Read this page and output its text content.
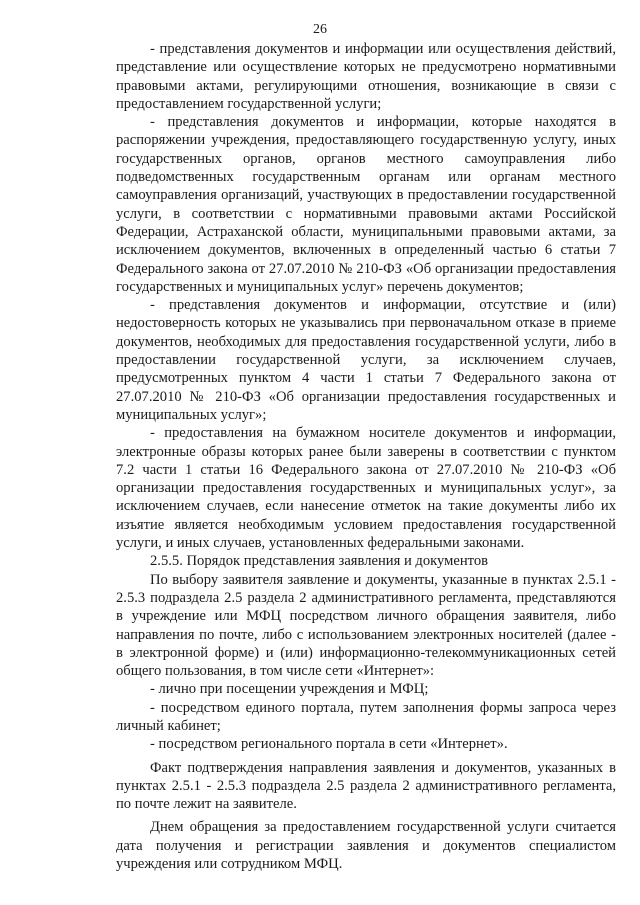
26

- представления документов и информации или осуществления действий, представление или осуществление которых не предусмотрено нормативными правовыми актами, регулирующими отношения, возникающие в связи с предоставлением государственной услуги;

- представления документов и информации, которые находятся в распоряжении учреждения, предоставляющего государственную услугу, иных государственных органов, органов местного самоуправления либо подведомственных государственным органам или органам местного самоуправления организаций, участвующих в предоставлении государственной услуги, в соответствии с нормативными правовыми актами Российской Федерации, Астраханской области, муниципальными правовыми актами, за исключением документов, включенных в определенный частью 6 статьи 7 Федерального закона от 27.07.2010 № 210-ФЗ «Об организации предоставления государственных и муниципальных услуг» перечень документов;

- представления документов и информации, отсутствие и (или) недостоверность которых не указывались при первоначальном отказе в приеме документов, необходимых для предоставления государственной услуги, либо в предоставлении государственной услуги, за исключением случаев, предусмотренных пунктом 4 части 1 статьи 7 Федерального закона от 27.07.2010 № 210-ФЗ «Об организации предоставления государственных и муниципальных услуг»;

- предоставления на бумажном носителе документов и информации, электронные образы которых ранее были заверены в соответствии с пунктом 7.2 части 1 статьи 16 Федерального закона от 27.07.2010 № 210-ФЗ «Об организации предоставления государственных и муниципальных услуг», за исключением случаев, если нанесение отметок на такие документы либо их изъятие является необходимым условием предоставления государственной услуги, и иных случаев, установленных федеральными законами.

2.5.5. Порядок представления заявления и документов

По выбору заявителя заявление и документы, указанные в пунктах 2.5.1 - 2.5.3 подраздела 2.5 раздела 2 административного регламента, представляются в учреждение или МФЦ посредством личного обращения заявителя, либо направления по почте, либо с использованием электронных носителей (далее - в электронной форме) и (или) информационно-телекоммуникационных сетей общего пользования, в том числе сети «Интернет»:

- лично при посещении учреждения и МФЦ;

- посредством единого портала, путем заполнения формы запроса через личный кабинет;

- посредством регионального портала в сети «Интернет».

Факт подтверждения направления заявления и документов, указанных в пунктах 2.5.1 - 2.5.3 подраздела 2.5 раздела 2 административного регламента, по почте лежит на заявителе.

Днем обращения за предоставлением государственной услуги считается дата получения и регистрации заявления и документов специалистом учреждения или сотрудником МФЦ.
